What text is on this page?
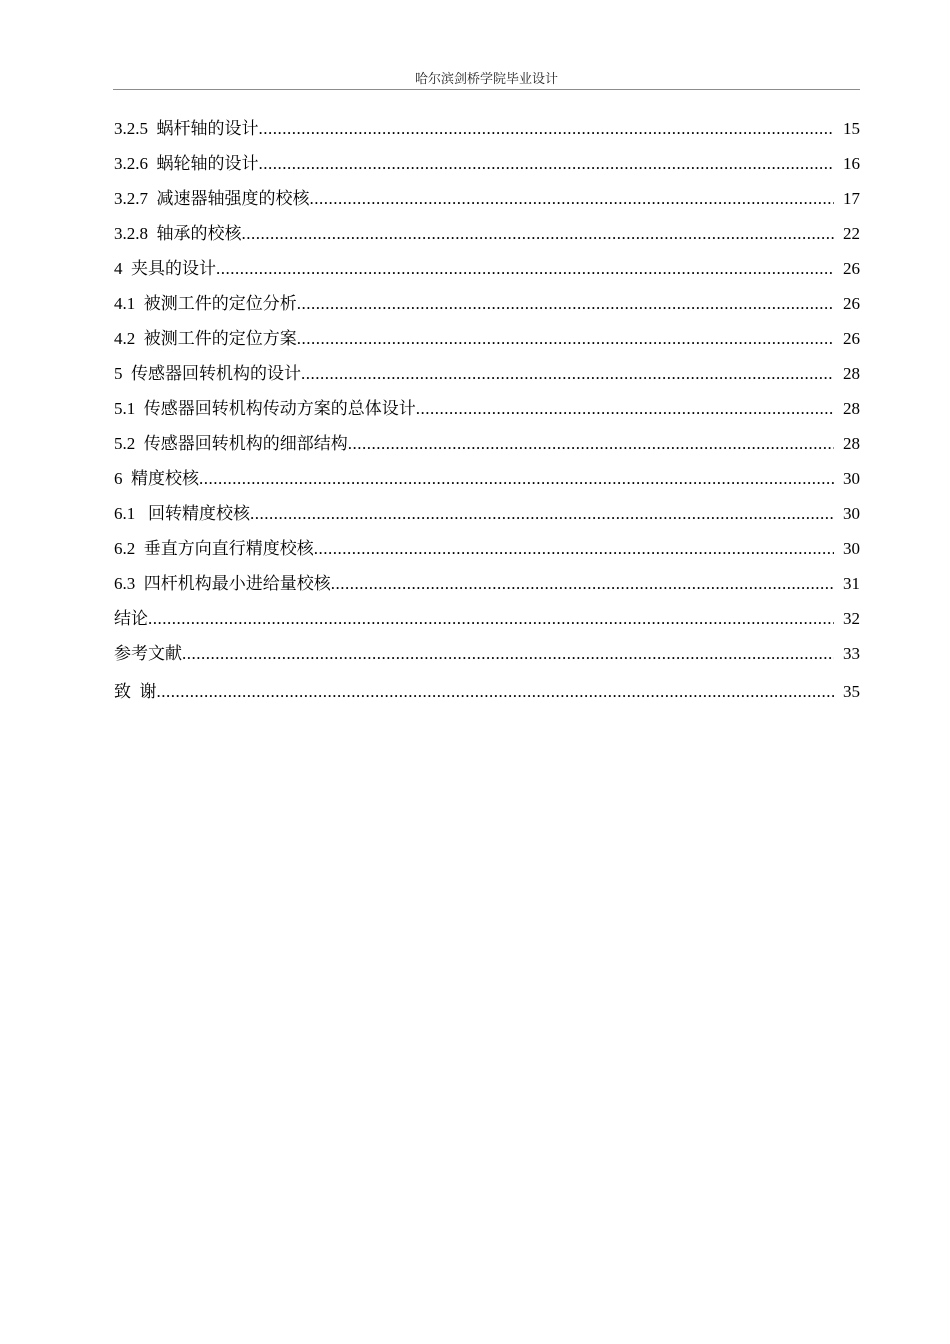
哈尔滨剑桥学院毕业设计
3.2.5 蜗杆轴的设计 .....	15
3.2.6 蜗轮轴的设计 .....	16
3.2.7 减速器轴强度的校核 .....	17
3.2.8 轴承的校核 .....	22
4 夹具的设计 .....	26
4.1 被测工件的定位分析 .....	26
4.2 被测工件的定位方案 .....	26
5 传感器回转机构的设计 .....	28
5.1 传感器回转机构传动方案的总体设计 .....	28
5.2 传感器回转机构的细部结构 .....	28
6 精度校核 .....	30
6.1 回转精度校核 .....	30
6.2 垂直方向直行精度校核 .....	30
6.3 四杆机构最小进给量校核 .....	31
结论 .....	32
参考文献 .....	33
致  谢 .....	35
